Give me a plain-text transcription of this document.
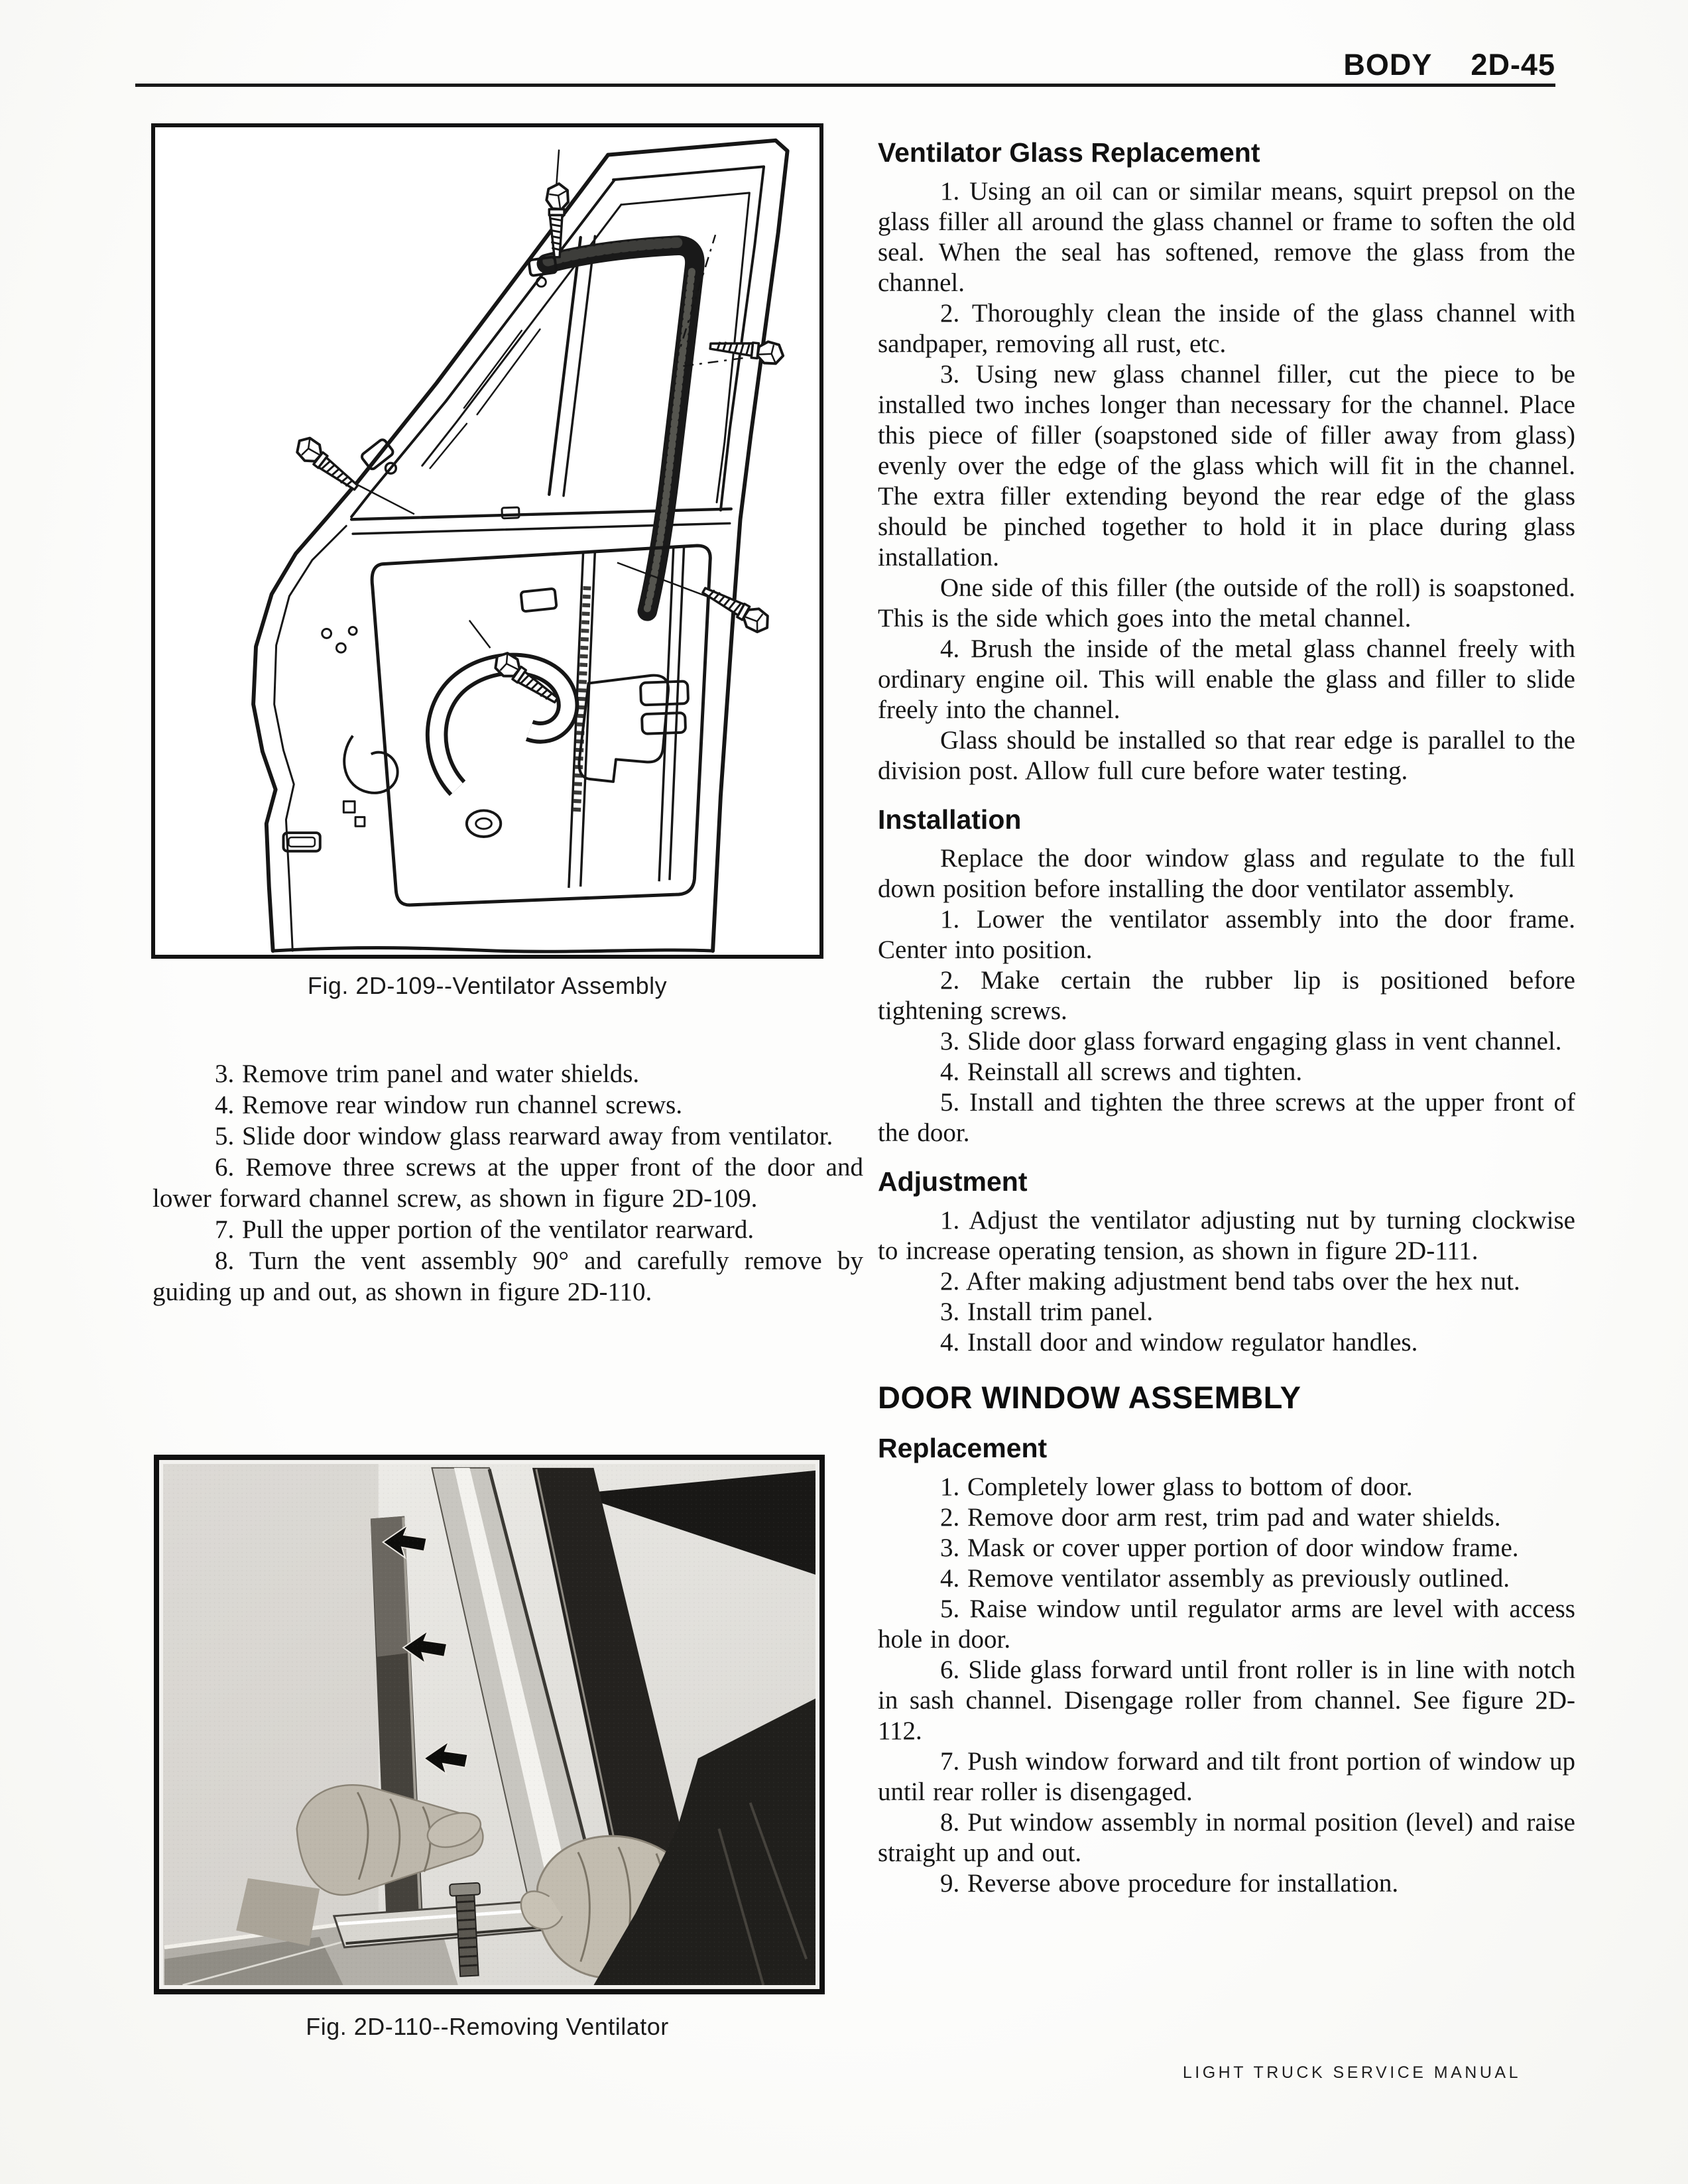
BODY 2D-45
Fig. 2D-109--Ventilator Assembly

3. Remove trim panel and water shields.

4. Remove rear window run channel screws.

5. Slide door window glass rearward away from ventilator.

6. Remove three screws at the upper front of the door and lower forward channel screw, as shown in figure 2D-109.

7. Pull the upper portion of the ventilator rearward.

8. Turn the vent assembly 90° and carefully remove by guiding up and out, as shown in figure 2D-110.

Fig. 2D-110--Removing Ventilator
Ventilator Glass Replacement

1. Using an oil can or similar means, squirt prepsol on the glass filler all around the glass channel or frame to soften the old seal. When the seal has softened, remove the glass from the channel.

2. Thoroughly clean the inside of the glass channel with sandpaper, removing all rust, etc.

3. Using new glass channel filler, cut the piece to be installed two inches longer than necessary for the channel. Place this piece of filler (soapstoned side of filler away from glass) evenly over the edge of the glass which will fit in the channel. The extra filler extending beyond the rear edge of the glass should be pinched together to hold it in place during glass installation.

One side of this filler (the outside of the roll) is soapstoned. This is the side which goes into the metal channel.

4. Brush the inside of the metal glass channel freely with ordinary engine oil. This will enable the glass and filler to slide freely into the channel.

Glass should be installed so that rear edge is parallel to the division post. Allow full cure before water testing.

Installation

Replace the door window glass and regulate to the full down position before installing the door ventilator assembly.

1. Lower the ventilator assembly into the door frame. Center into position.

2. Make certain the rubber lip is positioned before tightening screws.

3. Slide door glass forward engaging glass in vent channel.

4. Reinstall all screws and tighten.

5. Install and tighten the three screws at the upper front of the door.

Adjustment

1. Adjust the ventilator adjusting nut by turning clockwise to increase operating tension, as shown in figure 2D-111.

2. After making adjustment bend tabs over the hex nut.

3. Install trim panel.

4. Install door and window regulator handles.

DOOR WINDOW ASSEMBLY
Replacement

1. Completely lower glass to bottom of door.

2. Remove door arm rest, trim pad and water shields.

3. Mask or cover upper portion of door window frame.

4. Remove ventilator assembly as previously outlined.

5. Raise window until regulator arms are level with access hole in door.

6. Slide glass forward until front roller is in line with notch in sash channel. Disengage roller from channel. See figure 2D-112.

7. Push window forward and tilt front portion of window up until rear roller is disengaged.

8. Put window assembly in normal position (level) and raise straight up and out.

9. Reverse above procedure for installation.

LIGHT TRUCK SERVICE MANUAL
